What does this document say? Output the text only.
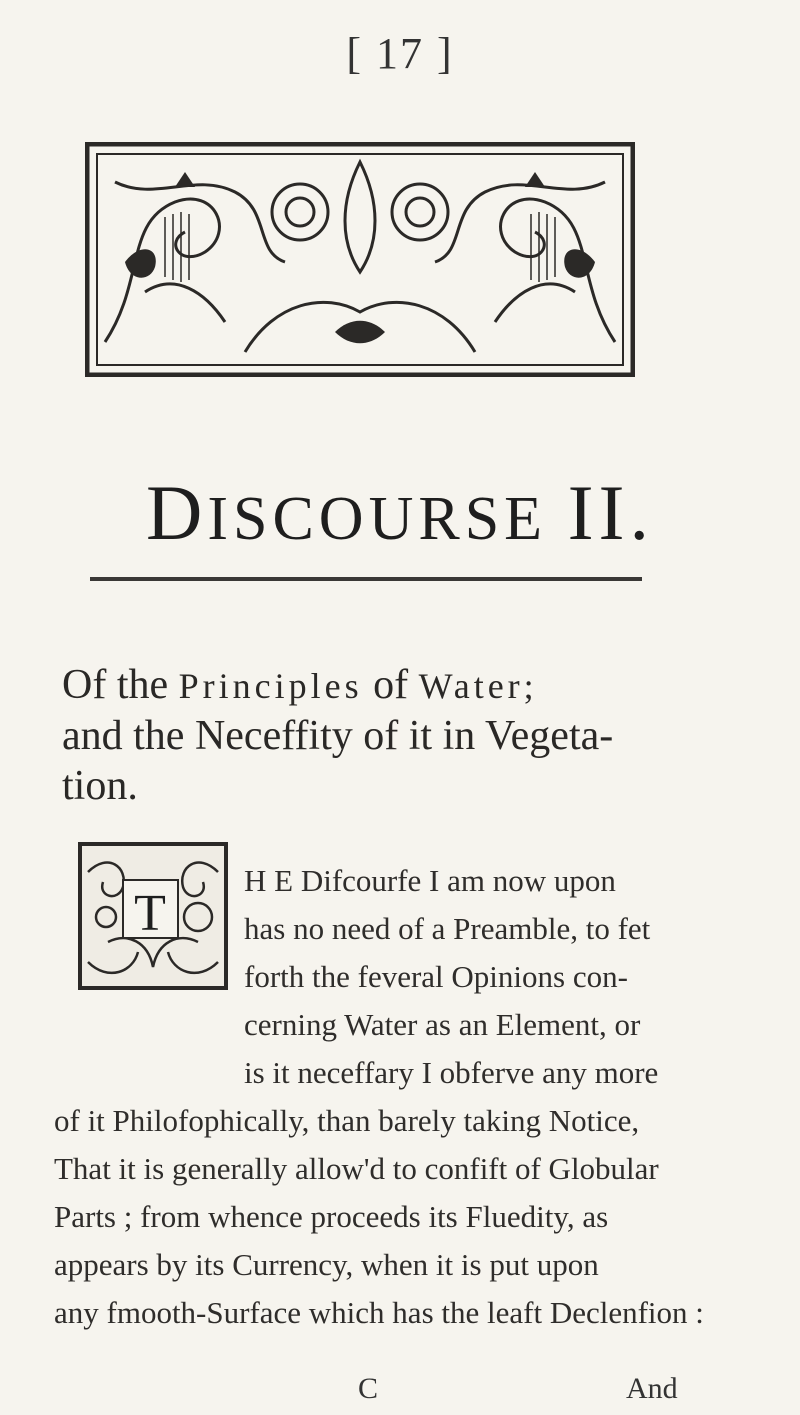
[ 17 ]
DISCOURSE II.
Of the Principles of Water;
and the Neceffity of it in Vegeta-
tion.
T
H E Difcourfe I am now upon
has no need of a Preamble, to fet
forth the feveral Opinions con-
cerning Water as an Element, or
is it neceffary I obferve any more
of it Philofophically, than barely taking Notice,
That it is generally allow'd to confift of Globular
Parts ; from whence proceeds its Fluedity, as
appears by its Currency, when it is put upon
any fmooth-Surface which has the leaft Declenfion :
C	And
